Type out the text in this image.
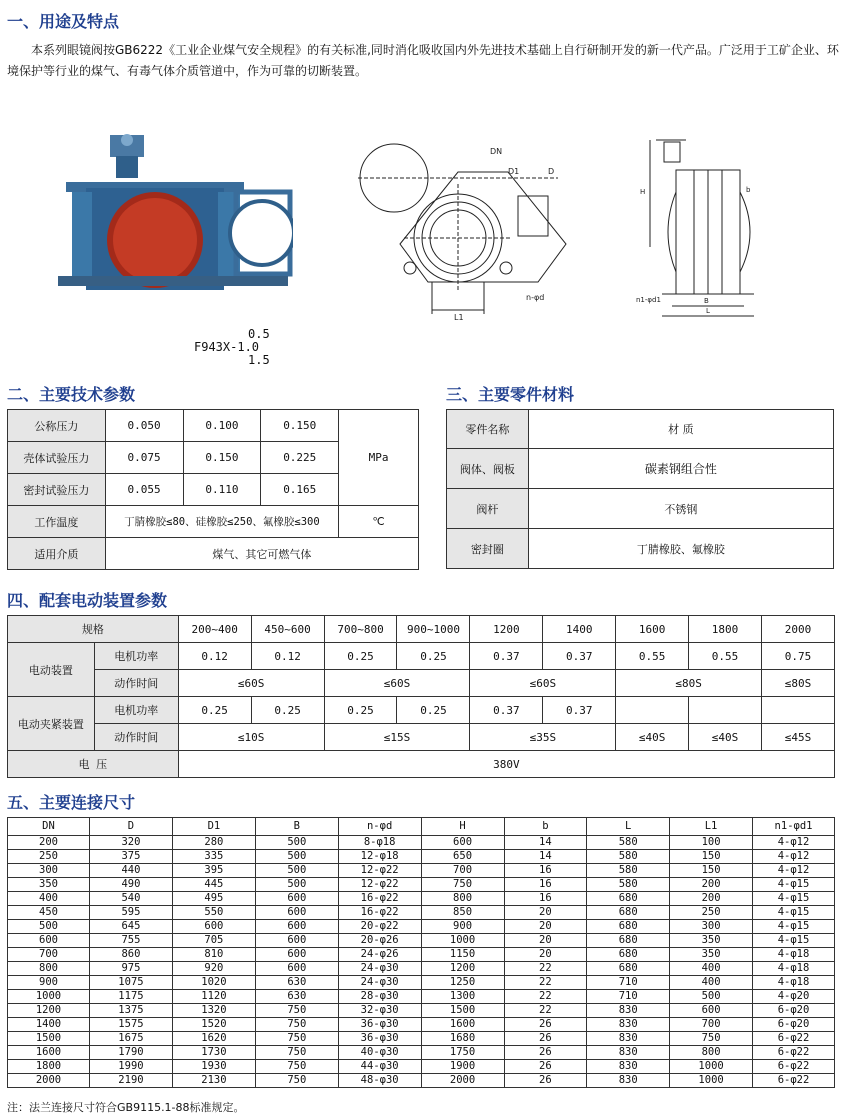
一、用途及特点
本系列眼镜阀按GB6222《工业企业煤气安全规程》的有关标准,同时消化吸收国内外先进技术基础上自行研制开发的新一代产品。广泛用于工矿企业、环境保护等行业的煤气、有毒气体介质管道中，作为可靠的切断装置。
DN
D1	D
L1
n-φd
H	b
n1-φd1	B
L
0.5
F943X-1.0
1.5
二、主要技术参数
公称压力	0.050	0.100	0.150	MPa
壳体试验压力	0.075	0.150	0.225	
密封试验压力	0.055	0.110	0.165	
工作温度	丁腈橡胶≤80、硅橡胶≤250、氟橡胶≤300			℃
适用介质	煤气、其它可燃气体			
三、主要零件材料
零件名称	材 质
阀体、阀板	碳素钢组合性
阀杆	不锈钢
密封圈	丁腈橡胶、氟橡胶
四、配套电动装置参数
规格		200~400	450~600	700~800	900~1000	1200	1400	1600	1800	2000
电动装置	电机功率	0.12	0.12	0.25	0.25	0.37	0.37	0.55	0.55	0.75
	动作时间	≤60S		≤60S		≤60S		≤80S		≤80S
电动夹紧装置	电机功率	0.25	0.25	0.25	0.25	0.37	0.37			
	动作时间	≤10S		≤15S		≤35S		≤40S	≤40S	≤45S
电 压		380V								
五、主要连接尺寸
DN	D	D1	B	n-φd	H	b	L	L1	n1-φd1
200	320	280	500	8-φ18	600	14	580	100	4-φ12
250	375	335	500	12-φ18	650	14	580	150	4-φ12
300	440	395	500	12-φ22	700	16	580	150	4-φ12
350	490	445	500	12-φ22	750	16	580	200	4-φ15
400	540	495	600	16-φ22	800	16	680	200	4-φ15
450	595	550	600	16-φ22	850	20	680	250	4-φ15
500	645	600	600	20-φ22	900	20	680	300	4-φ15
600	755	705	600	20-φ26	1000	20	680	350	4-φ15
700	860	810	600	24-φ26	1150	20	680	350	4-φ18
800	975	920	600	24-φ30	1200	22	680	400	4-φ18
900	1075	1020	630	24-φ30	1250	22	710	400	4-φ18
1000	1175	1120	630	28-φ30	1300	22	710	500	4-φ20
1200	1375	1320	750	32-φ30	1500	22	830	600	6-φ20
1400	1575	1520	750	36-φ30	1600	26	830	700	6-φ20
1500	1675	1620	750	36-φ30	1680	26	830	750	6-φ22
1600	1790	1730	750	40-φ30	1750	26	830	800	6-φ22
1800	1990	1930	750	44-φ30	1900	26	830	1000	6-φ22
2000	2190	2130	750	48-φ30	2000	26	830	1000	6-φ22
注：法兰连接尺寸符合GB9115.1-88标准规定。
